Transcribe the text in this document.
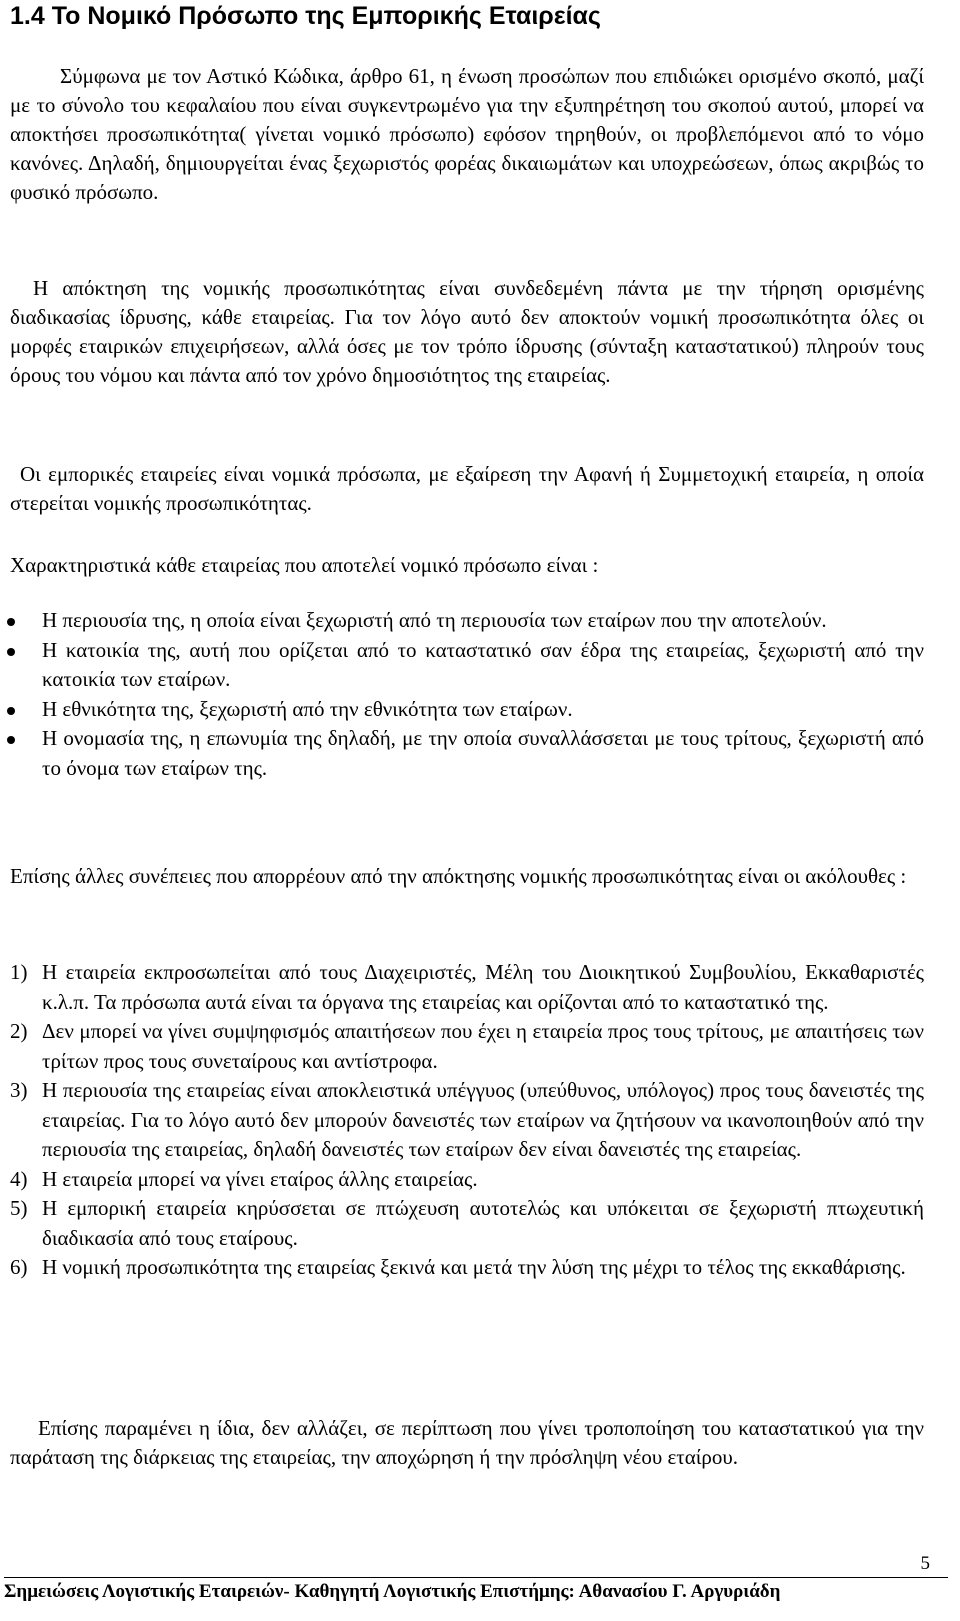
1.4 Το Νομικό Πρόσωπο της Εμπορικής Εταιρείας
Σύμφωνα με τον Αστικό Κώδικα, άρθρο 61, η ένωση προσώπων που επιδιώκει ορισμένο σκοπό, μαζί με το σύνολο του κεφαλαίου που είναι συγκεντρωμένο για την εξυπηρέτηση του σκοπού αυτού, μπορεί να αποκτήσει προσωπικότητα( γίνεται νομικό πρόσωπο) εφόσον τηρηθούν, οι προβλεπόμενοι από το νόμο κανόνες. Δηλαδή, δημιουργείται ένας ξεχωριστός φορέας δικαιωμάτων και υποχρεώσεων, όπως ακριβώς το φυσικό πρόσωπο.
Η απόκτηση της νομικής προσωπικότητας είναι συνδεδεμένη πάντα με την τήρηση ορισμένης διαδικασίας ίδρυσης, κάθε εταιρείας. Για τον λόγο αυτό δεν αποκτούν νομική προσωπικότητα όλες οι μορφές εταιρικών επιχειρήσεων, αλλά όσες με τον τρόπο ίδρυσης (σύνταξη καταστατικού) πληρούν τους όρους του νόμου και πάντα από τον χρόνο δημοσιότητος της εταιρείας.
Οι εμπορικές εταιρείες είναι νομικά πρόσωπα, με εξαίρεση την Αφανή ή Συμμετοχική εταιρεία, η οποία στερείται νομικής προσωπικότητας.
Χαρακτηριστικά κάθε εταιρείας που αποτελεί νομικό πρόσωπο είναι :
Η περιουσία της, η οποία είναι ξεχωριστή από τη περιουσία των εταίρων που την αποτελούν.
Η κατοικία της, αυτή που ορίζεται από το καταστατικό σαν έδρα της εταιρείας, ξεχωριστή από την κατοικία των εταίρων.
Η εθνικότητα της, ξεχωριστή από την εθνικότητα των εταίρων.
Η ονομασία της, η επωνυμία της δηλαδή, με την οποία συναλλάσσεται με τους τρίτους, ξεχωριστή από το όνομα των εταίρων της.
Επίσης άλλες συνέπειες που απορρέουν από την απόκτησης νομικής προσωπικότητας είναι οι ακόλουθες :
1) Η εταιρεία εκπροσωπείται από τους Διαχειριστές, Μέλη του Διοικητικού Συμβουλίου, Εκκαθαριστές κ.λ.π. Τα πρόσωπα αυτά είναι τα όργανα της εταιρείας και ορίζονται από το καταστατικό της.
2) Δεν μπορεί να γίνει συμψηφισμός απαιτήσεων που έχει η εταιρεία προς τους τρίτους, με απαιτήσεις των τρίτων προς τους συνεταίρους και αντίστροφα.
3) Η περιουσία της εταιρείας είναι αποκλειστικά υπέγγυος (υπεύθυνος, υπόλογος) προς τους δανειστές της εταιρείας. Για το λόγο αυτό δεν μπορούν δανειστές των εταίρων να ζητήσουν να ικανοποιηθούν από την περιουσία της εταιρείας, δηλαδή δανειστές των εταίρων δεν είναι δανειστές της εταιρείας.
4) Η εταιρεία μπορεί να γίνει εταίρος άλλης εταιρείας.
5) Η εμπορική εταιρεία κηρύσσεται σε πτώχευση αυτοτελώς και υπόκειται σε ξεχωριστή πτωχευτική διαδικασία από τους εταίρους.
6) Η νομική προσωπικότητα της εταιρείας ξεκινά και μετά την λύση της μέχρι το τέλος της εκκαθάρισης.
Επίσης παραμένει η ίδια, δεν αλλάζει, σε περίπτωση που γίνει τροποποίηση του καταστατικού για την παράταση της διάρκειας της εταιρείας, την αποχώρηση ή την πρόσληψη νέου εταίρου.
5
Σημειώσεις Λογιστικής Εταιρειών- Καθηγητή Λογιστικής Επιστήμης: Αθανασίου Γ. Αργυριάδη
